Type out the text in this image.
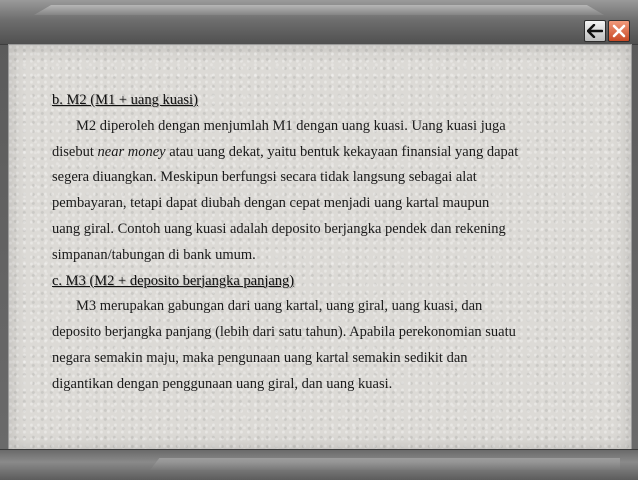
b. M2 (M1 + uang kuasi)
M2 diperoleh dengan menjumlah M1 dengan uang kuasi. Uang kuasi juga
disebut near money atau uang dekat, yaitu bentuk kekayaan finansial yang dapat
segera diuangkan. Meskipun berfungsi secara tidak langsung sebagai alat
pembayaran, tetapi dapat diubah dengan cepat menjadi uang kartal maupun
uang giral. Contoh uang kuasi adalah deposito berjangka pendek dan rekening
simpanan/tabungan di bank umum.
c. M3 (M2 + deposito berjangka panjang)
M3 merupakan gabungan dari uang kartal, uang giral, uang kuasi, dan
deposito berjangka panjang (lebih dari satu tahun). Apabila perekonomian suatu
negara semakin maju, maka pengunaan uang kartal semakin sedikit dan
digantikan dengan penggunaan uang giral, dan uang kuasi.
